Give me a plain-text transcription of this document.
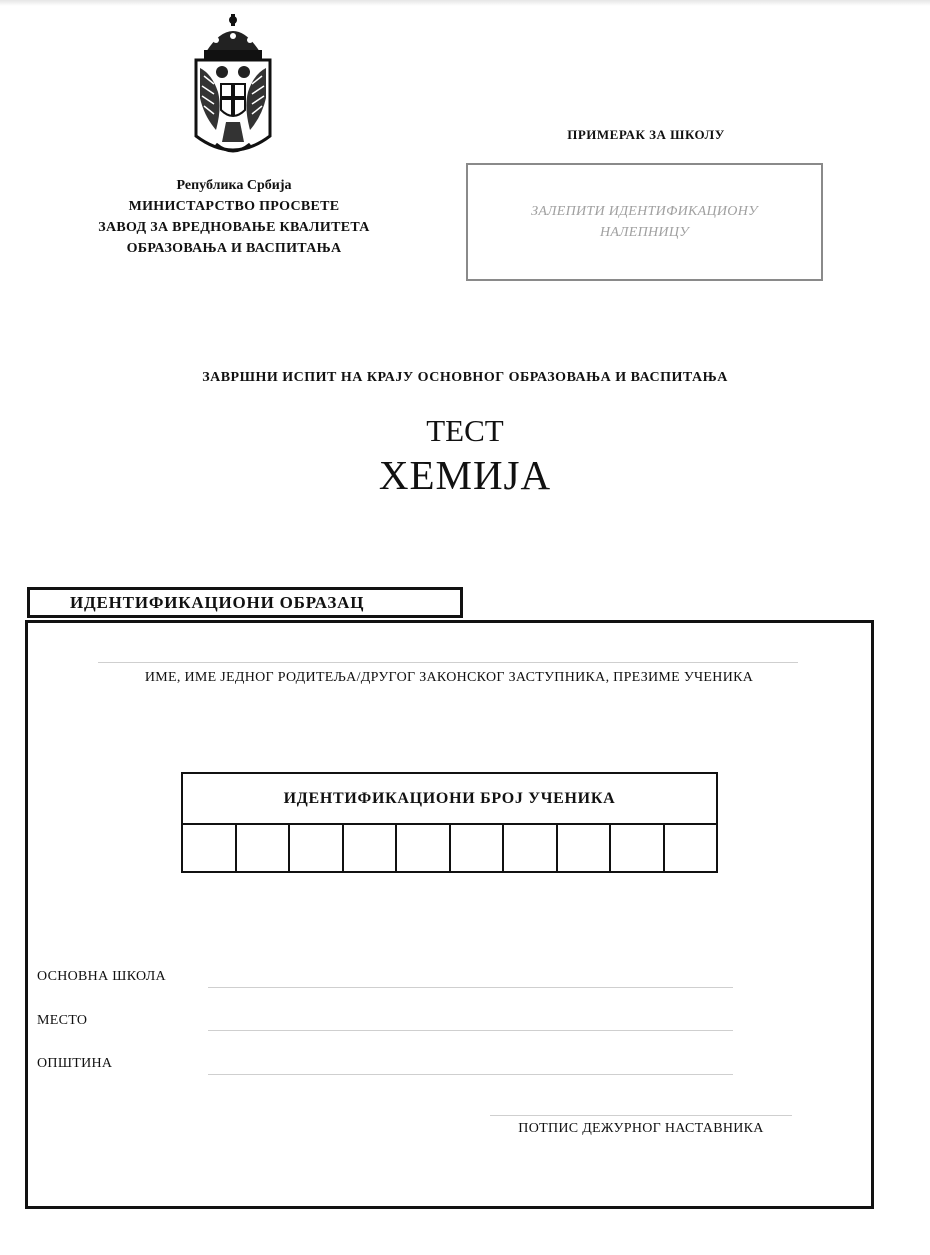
Република Србија
МИНИСТАРСТВО ПРОСВЕТЕ
ЗАВОД ЗА ВРЕДНОВАЊЕ КВАЛИТЕТА
ОБРАЗОВАЊА И ВАСПИТАЊА
ПРИМЕРАК ЗА ШКОЛУ
ЗАЛЕПИТИ ИДЕНТИФИКАЦИОНУ НАЛЕПНИЦУ
ЗАВРШНИ ИСПИТ НА КРАЈУ ОСНОВНОГ ОБРАЗОВАЊА И ВАСПИТАЊА
ТЕСТ
ХЕМИЈА
ИДЕНТИФИКАЦИОНИ ОБРАЗАЦ
ИМЕ, ИМЕ ЈЕДНОГ РОДИТЕЉА/ДРУГОГ ЗАКОНСКОГ ЗАСТУПНИКА, ПРЕЗИМЕ УЧЕНИКА
ИДЕНТИФИКАЦИОНИ БРОЈ УЧЕНИКА
ОСНОВНА ШКОЛА
МЕСТО
ОПШТИНА
ПОТПИС ДЕЖУРНОГ НАСТАВНИКА
